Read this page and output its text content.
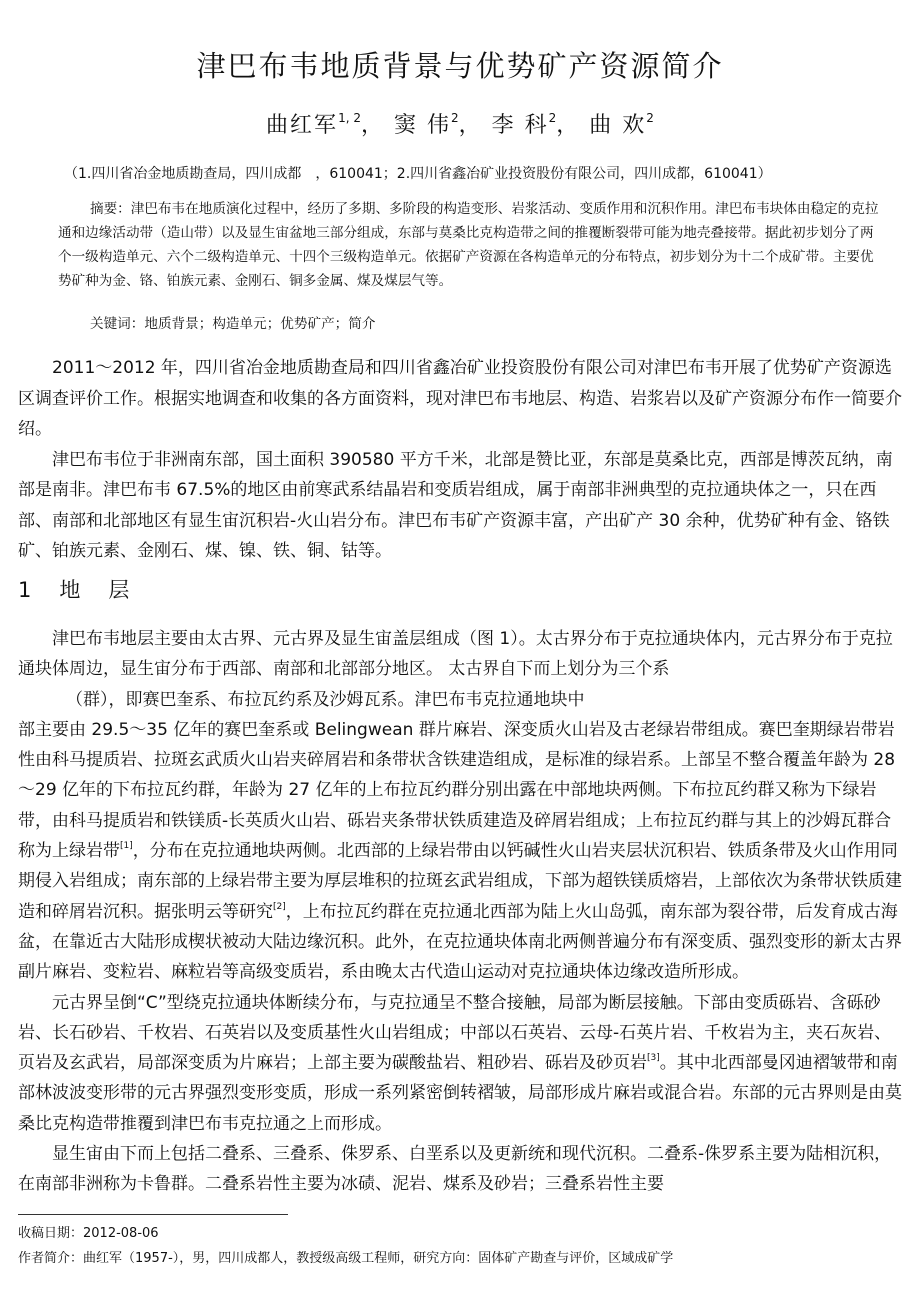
津巴布韦地质背景与优势矿产资源简介
曲红军$^{1, 2}$， 窦 伟$^2$， 李 科$^2$， 曲 欢$^2$
（1.四川省冶金地质勘查局，四川成都　，610041；2.四川省鑫冶矿业投资股份有限公司，四川成都，610041）
摘要：津巴布韦在地质演化过程中，经历了多期、多阶段的构造变形、岩浆活动、变质作用和沉积作用。津巴布韦块体由稳定的克拉通和边缘活动带（造山带）以及显生宙盆地三部分组成，东部与莫桑比克构造带之间的推覆断裂带可能为地壳叠接带。据此初步划分了两个一级构造单元、六个二级构造单元、十四个三级构造单元。依据矿产资源在各构造单元的分布特点，初步划分为十二个成矿带。主要优势矿种为金、铬、铂族元素、金刚石、铜多金属、煤及煤层气等。
关键词：地质背景；构造单元；优势矿产；简介

2011～2012 年，四川省冶金地质勘查局和四川省鑫冶矿业投资股份有限公司对津巴布韦开展了优势矿产资源选区调查评价工作。根据实地调查和收集的各方面资料，现对津巴布韦地层、构造、岩浆岩以及矿产资源分布作一简要介绍。

津巴布韦位于非洲南东部，国土面积 390580 平方千米，北部是赞比亚，东部是莫桑比克，西部是博茨瓦纳，南部是南非。津巴布韦 67.5%的地区由前寒武系结晶岩和变质岩组成，属于南部非洲典型的克拉通块体之一，只在西部、南部和北部地区有显生宙沉积岩-火山岩分布。津巴布韦矿产资源丰富，产出矿产 30 余种，优势矿种有金、铬铁矿、铂族元素、金刚石、煤、镍、铁、铜、钴等。

1 地 层

津巴布韦地层主要由太古界、元古界及显生宙盖层组成（图 1）。太古界分布于克拉通块体内，元古界分布于克拉通块体周边，显生宙分布于西部、南部和北部部分地区。 太古界自下而上划分为三个系

（群），即赛巴奎系、布拉瓦约系及沙姆瓦系。津巴布韦克拉通地块中

部主要由 29.5～35 亿年的赛巴奎系或 Belingwean 群片麻岩、深变质火山岩及古老绿岩带组成。赛巴奎期绿岩带岩性由科马提质岩、拉斑玄武质火山岩夹碎屑岩和条带状含铁建造组成，是标准的绿岩系。上部呈不整合覆盖年龄为 28～29 亿年的下布拉瓦约群，年龄为 27 亿年的上布拉瓦约群分别出露在中部地块两侧。下布拉瓦约群又称为下绿岩带，由科马提质岩和铁镁质-长英质火山岩、砾岩夹条带状铁质建造及碎屑岩组成；上布拉瓦约群与其上的沙姆瓦群合称为上绿岩带[1]，分布在克拉通地块两侧。北西部的上绿岩带由以钙碱性火山岩夹层状沉积岩、铁质条带及火山作用同期侵入岩组成；南东部的上绿岩带主要为厚层堆积的拉斑玄武岩组成，下部为超铁镁质熔岩，上部依次为条带状铁质建造和碎屑岩沉积。据张明云等研究[2]，上布拉瓦约群在克拉通北西部为陆上火山岛弧，南东部为裂谷带，后发育成古海盆，在靠近古大陆形成楔状被动大陆边缘沉积。此外，在克拉通块体南北两侧普遍分布有深变质、强烈变形的新太古界副片麻岩、变粒岩、麻粒岩等高级变质岩，系由晚太古代造山运动对克拉通块体边缘改造所形成。

元古界呈倒“C”型绕克拉通块体断续分布，与克拉通呈不整合接触，局部为断层接触。下部由变质砾岩、含砾砂岩、长石砂岩、千枚岩、石英岩以及变质基性火山岩组成；中部以石英岩、云母-石英片岩、千枚岩为主，夹石灰岩、页岩及玄武岩，局部深变质为片麻岩；上部主要为碳酸盐岩、粗砂岩、砾岩及砂页岩[3]。其中北西部曼冈迪褶皱带和南部林波波变形带的元古界强烈变形变质，形成一系列紧密倒转褶皱，局部形成片麻岩或混合岩。东部的元古界则是由莫桑比克构造带推覆到津巴布韦克拉通之上而形成。

显生宙由下而上包括二叠系、三叠系、侏罗系、白垩系以及更新统和现代沉积。二叠系-侏罗系主要为陆相沉积，在南部非洲称为卡鲁群。二叠系岩性主要为冰碛、泥岩、煤系及砂岩；三叠系岩性主要

收稿日期：2012-08-06
作者简介：曲红军（1957-），男，四川成都人，教授级高级工程师，研究方向：固体矿产勘查与评价，区域成矿学
